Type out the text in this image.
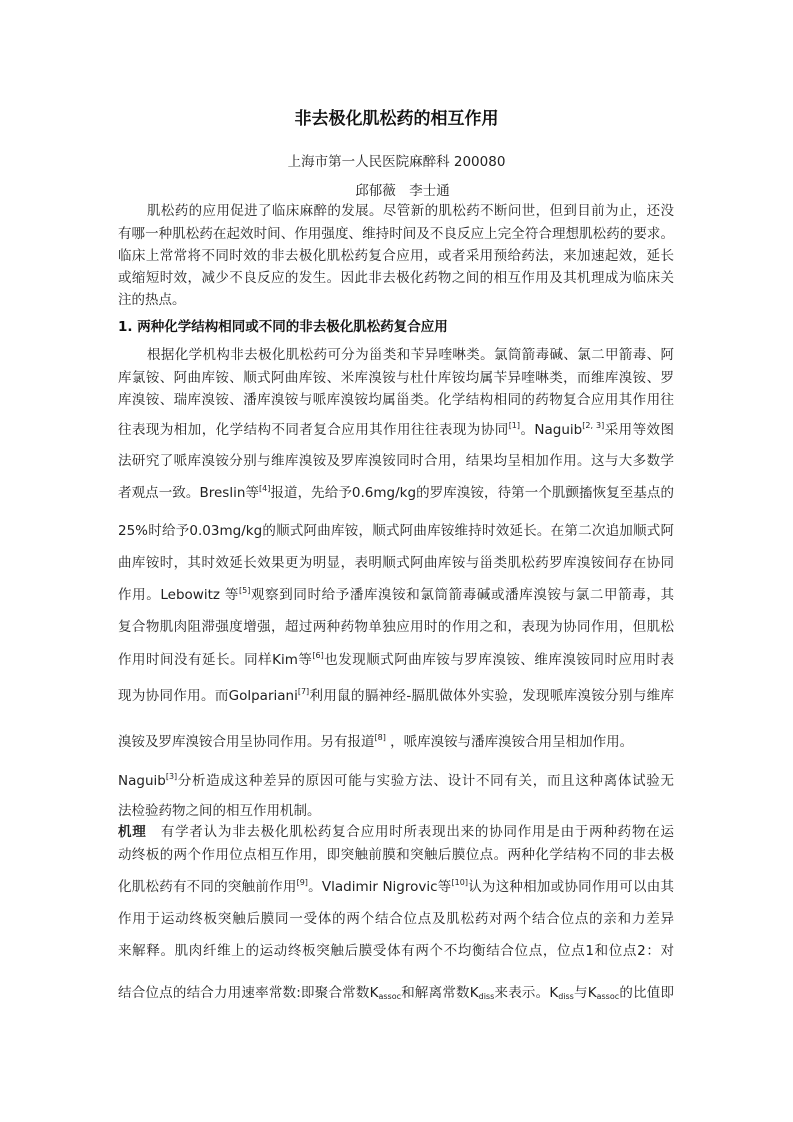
非去极化肌松药的相互作用
上海市第一人民医院麻醉科 200080
邱郁薇　李士通
肌松药的应用促进了临床麻醉的发展。尽管新的肌松药不断问世，但到目前为止，还没
有哪一种肌松药在起效时间、作用强度、维持时间及不良反应上完全符合理想肌松药的要求。
临床上常常将不同时效的非去极化肌松药复合应用，或者采用预给药法，来加速起效，延长
或缩短时效，减少不良反应的发生。因此非去极化药物之间的相互作用及其机理成为临床关
注的热点。
1. 两种化学结构相同或不同的非去极化肌松药复合应用
根据化学机构非去极化肌松药可分为甾类和苄异喹啉类。氯筒箭毒碱、氯二甲箭毒、阿
库氯铵、阿曲库铵、顺式阿曲库铵、米库溴铵与杜什库铵均属苄异喹啉类，而维库溴铵、罗
库溴铵、瑞库溴铵、潘库溴铵与哌库溴铵均属甾类。化学结构相同的药物复合应用其作用往
往表现为相加，化学结构不同者复合应用其作用往往表现为协同[1]。Naguib[2, 3]采用等效图
法研究了哌库溴铵分别与维库溴铵及罗库溴铵同时合用，结果均呈相加作用。这与大多数学
者观点一致。Breslin等[4]报道，先给予0.6mg/kg的罗库溴铵，待第一个肌颤搐恢复至基点的
25%时给予0.03mg/kg的顺式阿曲库铵，顺式阿曲库铵维持时效延长。在第二次追加顺式阿
曲库铵时，其时效延长效果更为明显，表明顺式阿曲库铵与甾类肌松药罗库溴铵间存在协同
作用。Lebowitz 等[5]观察到同时给予潘库溴铵和氯筒箭毒碱或潘库溴铵与氯二甲箭毒，其
复合物肌肉阻滞强度增强，超过两种药物单独应用时的作用之和，表现为协同作用，但肌松
作用时间没有延长。同样Kim等[6]也发现顺式阿曲库铵与罗库溴铵、维库溴铵同时应用时表
现为协同作用。而Golpariani[7]利用鼠的膈神经-膈肌做体外实验，发现哌库溴铵分别与维库
溴铵及罗库溴铵合用呈协同作用。另有报道[8] ，哌库溴铵与潘库溴铵合用呈相加作用。
Naguib[3]分析造成这种差异的原因可能与实验方法、设计不同有关，而且这种离体试验无
法检验药物之间的相互作用机制。
机理　有学者认为非去极化肌松药复合应用时所表现出来的协同作用是由于两种药物在运
动终板的两个作用位点相互作用，即突触前膜和突触后膜位点。两种化学结构不同的非去极
化肌松药有不同的突触前作用[9]。Vladimir Nigrovic等[10]认为这种相加或协同作用可以由其
作用于运动终板突触后膜同一受体的两个结合位点及肌松药对两个结合位点的亲和力差异
来解释。肌肉纤维上的运动终板突触后膜受体有两个不均衡结合位点，位点1和位点2：对
结合位点的结合力用速率常数:即聚合常数$K_{assoc}$和解离常数$K_{diss}$来表示。$K_{diss}$与$K_{assoc}$的比值即
